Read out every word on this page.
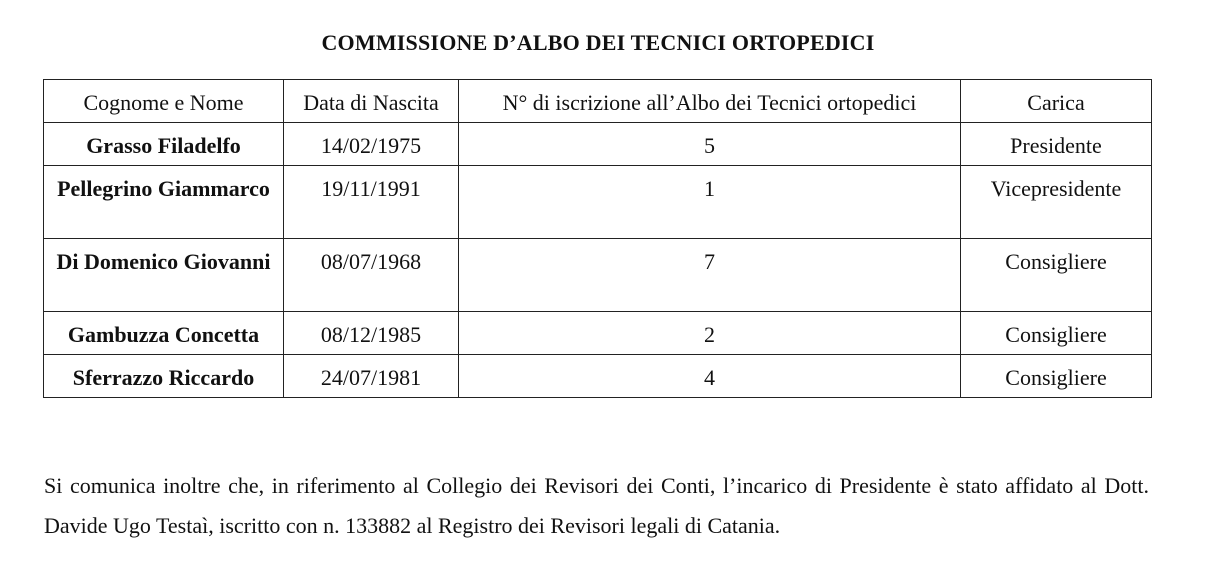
COMMISSIONE D’ALBO DEI TECNICI ORTOPEDICI
Cognome e Nome	Data di Nascita	N° di iscrizione all’Albo dei Tecnici ortopedici	Carica
Grasso Filadelfo	14/02/1975	5	Presidente
Pellegrino Giammarco	19/11/1991	1	Vicepresidente
Di Domenico Giovanni	08/07/1968	7	Consigliere
Gambuzza Concetta	08/12/1985	2	Consigliere
Sferrazzo Riccardo	24/07/1981	4	Consigliere

Si comunica inoltre che, in riferimento al Collegio dei Revisori dei Conti, l’incarico di Presidente è stato affidato al Dott. Davide Ugo Testaì, iscritto con n. 133882 al Registro dei Revisori legali di Catania.
